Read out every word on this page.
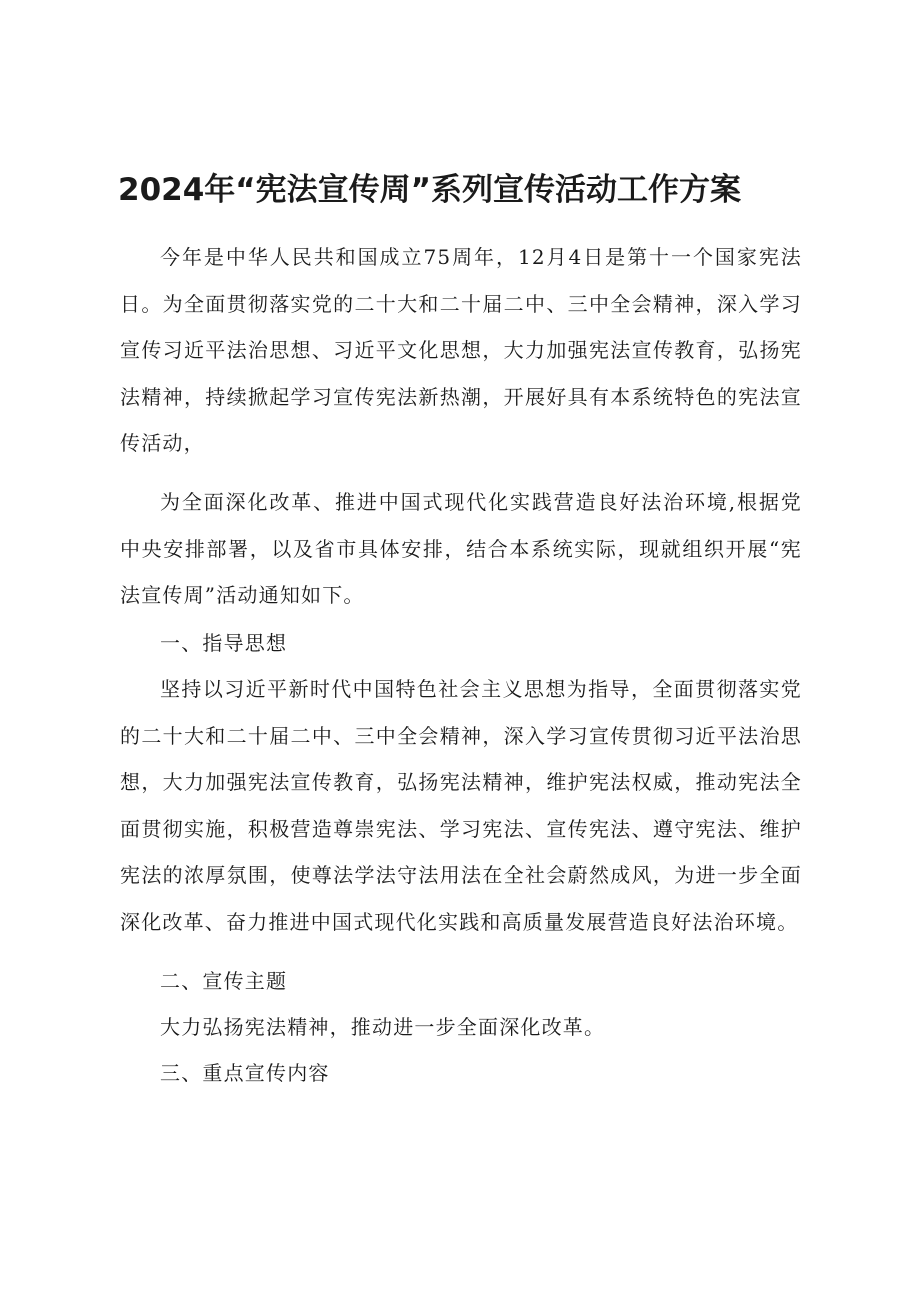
2024年“宪法宣传周”系列宣传活动工作方案

今年是中华人民共和国成立75周年，12月4日是第十一个国家宪法日。为全面贯彻落实党的二十大和二十届二中、三中全会精神，深入学习宣传习近平法治思想、习近平文化思想，大力加强宪法宣传教育，弘扬宪法精神，持续掀起学习宣传宪法新热潮，开展好具有本系统特色的宪法宣传活动，

为全面深化改革、推进中国式现代化实践营造良好法治环境,根据党中央安排部署，以及省市具体安排，结合本系统实际，现就组织开展“宪法宣传周”活动通知如下。

一、指导思想

坚持以习近平新时代中国特色社会主义思想为指导，全面贯彻落实党的二十大和二十届二中、三中全会精神，深入学习宣传贯彻习近平法治思想，大力加强宪法宣传教育，弘扬宪法精神，维护宪法权威，推动宪法全面贯彻实施，积极营造尊崇宪法、学习宪法、宣传宪法、遵守宪法、维护宪法的浓厚氛围，使尊法学法守法用法在全社会蔚然成风，为进一步全面深化改革、奋力推进中国式现代化实践和高质量发展营造良好法治环境。

二、宣传主题

大力弘扬宪法精神，推动进一步全面深化改革。

三、重点宣传内容
